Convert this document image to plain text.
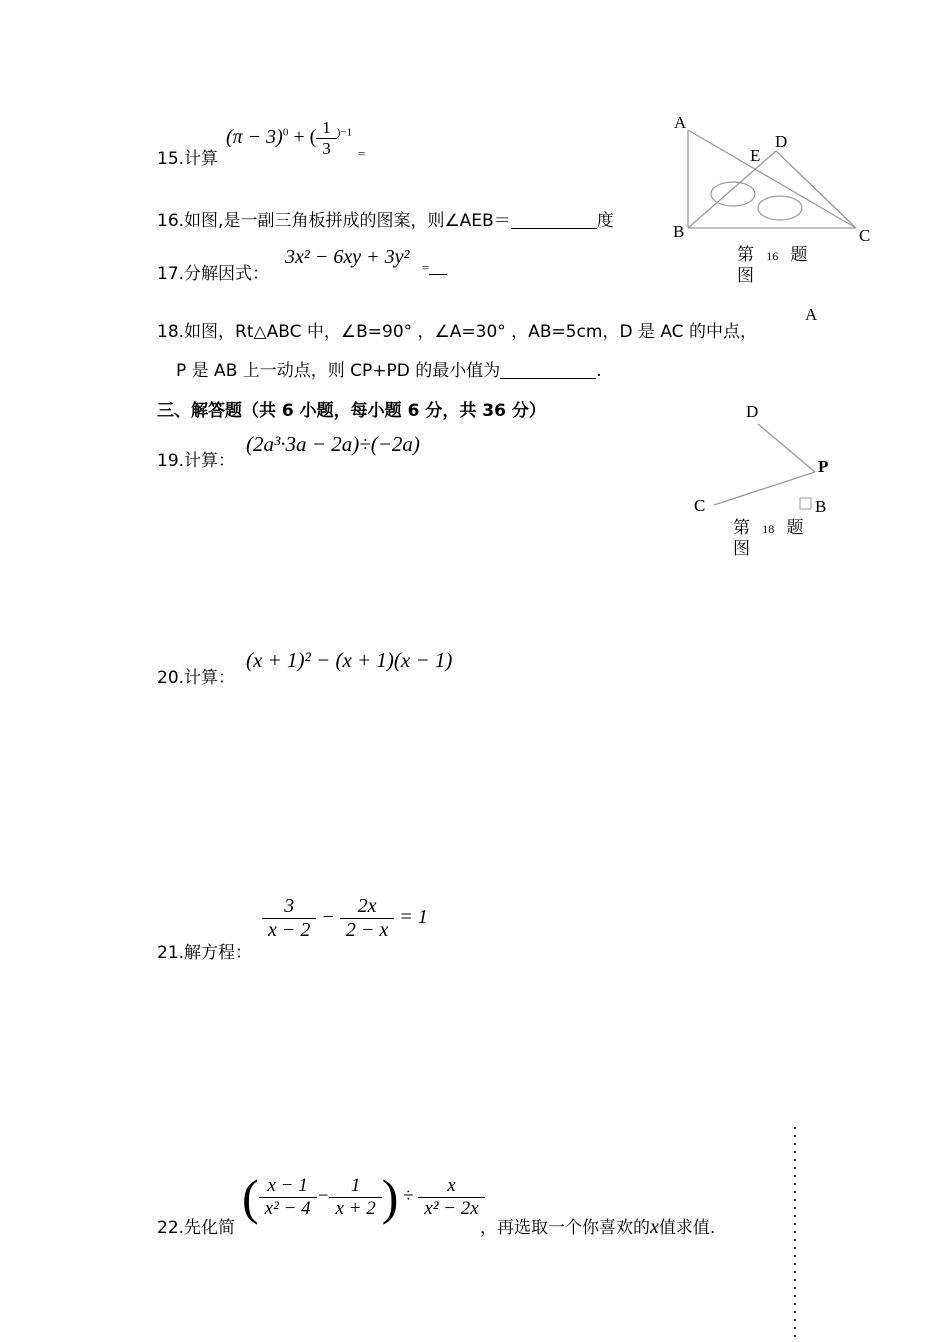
15.计算
$(\pi - 3)^0$ + ( $\frac{1}{3} ^{)-1}$
=
16.如图,是一副三角板拼成的图案，则∠AEB＝	度
17.分解因式：
3x² − 6xy + 3y² =
18.如图，Rt△ABC 中，∠B=90° ，∠A=30° ，AB=5cm，D 是 AC 的中点，
P 是 AB 上一动点，则 CP+PD 的最小值为	.
三、解答题（共 6 小题，每小题 6 分，共 36 分）
19.计算：
(2a³·3a − 2a)÷(−2a)
20.计算：
(x + 1)² − (x + 1)(x − 1)
21.解方程：
$\frac{3}{x - 2} - \frac{2x}{2 - x} = 1$
22.先化简
( $\frac{x - 1}{\text{x² − 4}} - \frac{1}{x + 2}$ ) ÷ $\frac{x}{\text{x² − 2x}}$
，再选取一个你喜欢的x值求值.
A
D
E
B	C
第 16 题
图
A
D
P
C	B
第 18 题
图
